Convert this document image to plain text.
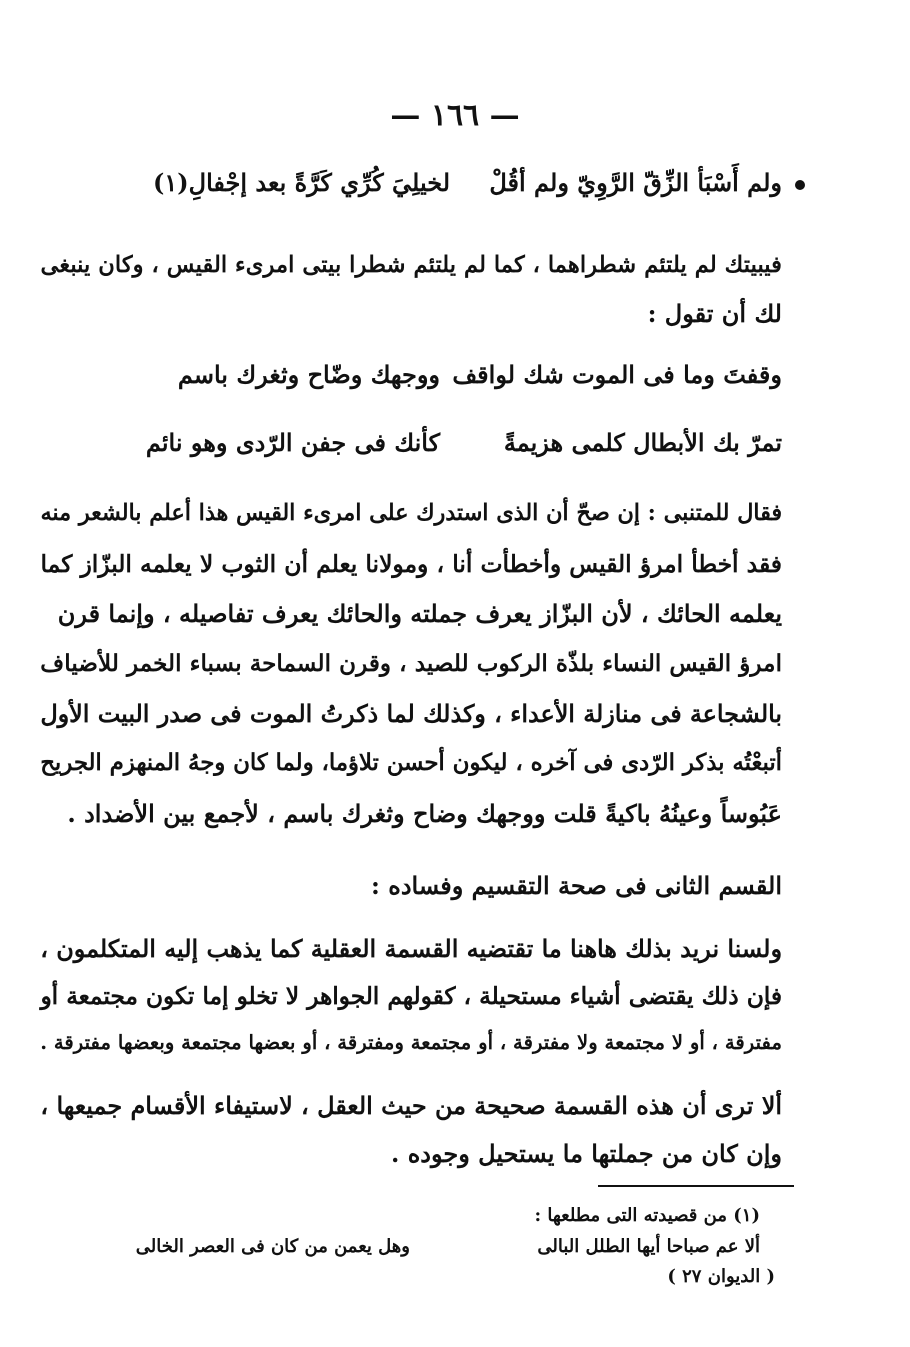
— ١٦٦ —
ولم أَسْبَأ الزِّقّ الرَّوِيّ ولم أقُلْ
لخيلِيَ كُرِّي كَرَّةً بعد إجْفالِ(١)
فيبيتك لم يلتئم شطراهما ، كما لم يلتئم شطرا بيتى امرىء القيس ، وكان ينبغى
لك أن تقول :
وقفتَ وما فى الموت شك لواقف
ووجهك وضّاح وثغرك باسم
تمرّ بك الأبطال كلمى هزيمةً
كأنك فى جفن الرّدى وهو نائم
فقال للمتنبى : إن صحّ أن الذى استدرك على امرىء القيس هذا أعلم بالشعر منه
فقد أخطأ امرؤ القيس وأخطأت أنا ، ومولانا يعلم أن الثوب لا يعلمه البزّاز كما
يعلمه الحائك ، لأن البزّاز يعرف جملته والحائك يعرف تفاصيله ، وإنما قرن
امرؤ القيس النساء بلذّة الركوب للصيد ، وقرن السماحة بسباء الخمر للأضياف
بالشجاعة فى منازلة الأعداء ، وكذلك لما ذكرتُ الموت فى صدر البيت الأول
أتبعْتُه بذكر الرّدى فى آخره ، ليكون أحسن تلاؤما، ولما كان وجهُ المنهزم الجريح
عَبُوساً وعينُهُ باكيةً قلت ووجهك وضاح وثغرك باسم ، لأجمع بين الأضداد .
القسم الثانى فى صحة التقسيم وفساده :
ولسنا نريد بذلك هاهنا ما تقتضيه القسمة العقلية كما يذهب إليه المتكلمون ،
فإن ذلك يقتضى أشياء مستحيلة ، كقولهم الجواهر لا تخلو إما تكون مجتمعة أو
مفترقة ، أو لا مجتمعة ولا مفترقة ، أو مجتمعة ومفترقة ، أو بعضها مجتمعة وبعضها مفترقة .
ألا ترى أن هذه القسمة صحيحة من حيث العقل ، لاستيفاء الأقسام جميعها ،
وإن كان من جملتها ما يستحيل وجوده .
(١) من قصيدته التى مطلعها :
ألا عم صباحا أيها الطلل البالى
وهل يعمن من كان فى العصر الخالى
( الديوان ٢٧ )
